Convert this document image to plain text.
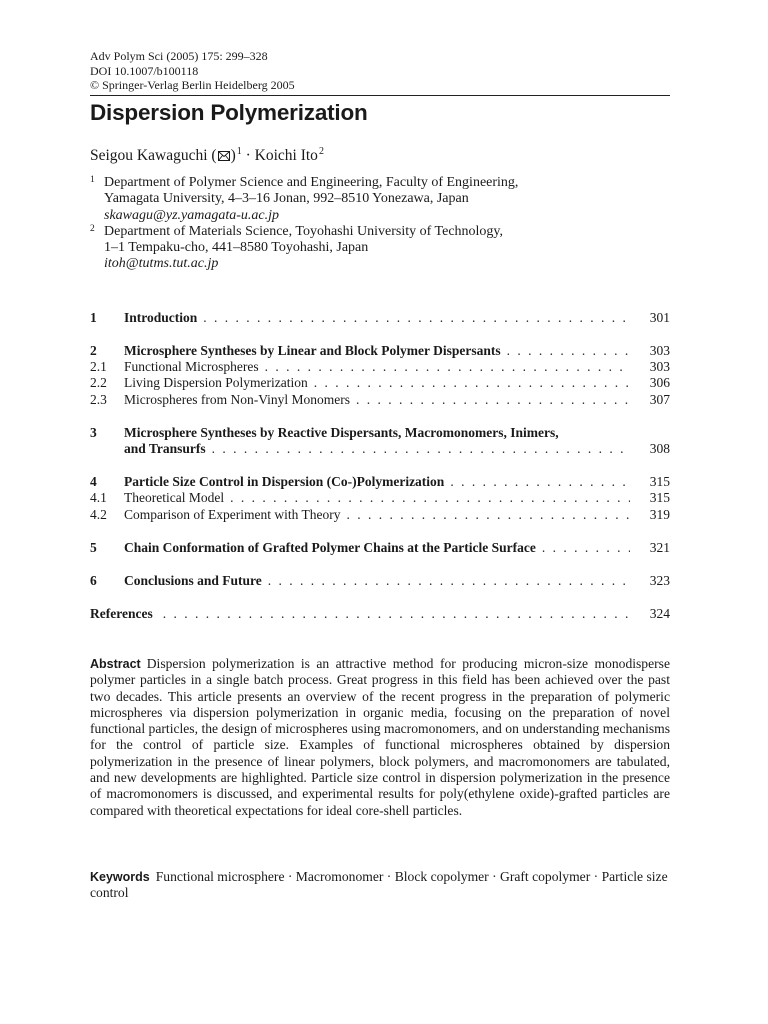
Adv Polym Sci (2005) 175: 299–328
DOI 10.1007/b100118
© Springer-Verlag Berlin Heidelberg 2005
Dispersion Polymerization
Seigou Kawaguchi ( )$^1$ · Koichi Ito$^2$
1 Department of Polymer Science and Engineering, Faculty of Engineering,
Yamagata University, 4–3–16 Jonan, 992–8510 Yonezawa, Japan
skawagu@yz.yamagata-u.ac.jp
2 Department of Materials Science, Toyohashi University of Technology,
1–1 Tempaku-cho, 441–8580 Toyohashi, Japan
itoh@tutms.tut.ac.jp
1	Introduction . . .	301
2	Microsphere Syntheses by Linear and Block Polymer Dispersants . . .	303
2.1	Functional Microspheres . . .	303
2.2	Living Dispersion Polymerization . . .	306
2.3	Microspheres from Non-Vinyl Monomers . . .	307
3	Microsphere Syntheses by Reactive Dispersants, Macromonomers, Inimers,
and Transurfs . . .	308
4	Particle Size Control in Dispersion (Co-)Polymerization . . .	315
4.1	Theoretical Model . . .	315
4.2	Comparison of Experiment with Theory . . .	319
5	Chain Conformation of Grafted Polymer Chains at the Particle Surface . . .	321
6	Conclusions and Future . . .	323
References . . .	324
Abstract Dispersion polymerization is an attractive method for producing micron-size monodisperse polymer particles in a single batch process. Great progress in this field has been achieved over the past two decades. This article presents an overview of the recent progress in the preparation of polymeric microspheres via dispersion polymerization in organic media, focusing on the preparation of novel functional particles, the design of microspheres using macromonomers, and on understanding mechanisms for the control of particle size. Examples of functional microspheres obtained by dispersion polymerization in the presence of linear polymers, block polymers, and macromonomers are tabulated, and new developments are highlighted. Particle size control in dispersion polymerization in the presence of macromonomers is discussed, and experimental results for poly(ethylene oxide)-grafted particles are compared with theoretical expectations for ideal core-shell particles.
Keywords Functional microsphere · Macromonomer · Block copolymer · Graft copolymer · Particle size control
